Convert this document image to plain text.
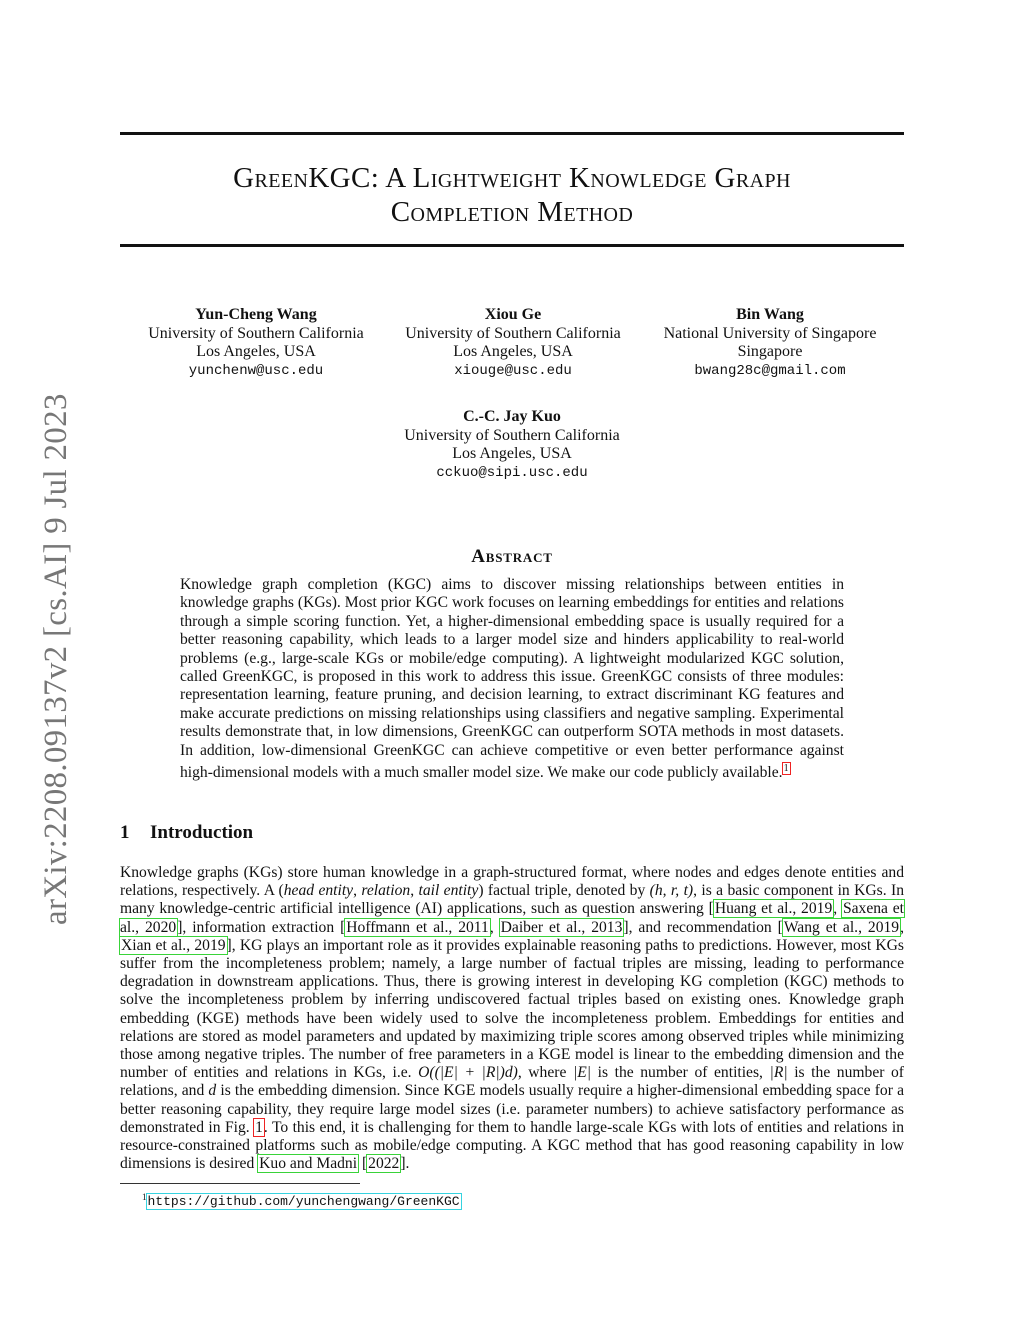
arXiv:2208.09137v2 [cs.AI] 9 Jul 2023
GreenKGC: A Lightweight Knowledge Graph
Completion Method
Yun-Cheng Wang
University of Southern California
Los Angeles, USA
yunchenw@usc.edu
Xiou Ge
University of Southern California
Los Angeles, USA
xiouge@usc.edu
Bin Wang
National University of Singapore
Singapore
bwang28c@gmail.com
C.-C. Jay Kuo
University of Southern California
Los Angeles, USA
cckuo@sipi.usc.edu
Abstract
Knowledge graph completion (KGC) aims to discover missing relationships between entities in knowledge graphs (KGs). Most prior KGC work focuses on learning embeddings for entities and relations through a simple scoring function. Yet, a higher-dimensional embedding space is usually required for a better reasoning capability, which leads to a larger model size and hinders applicability to real-world problems (e.g., large-scale KGs or mobile/edge computing). A lightweight modularized KGC solution, called GreenKGC, is proposed in this work to address this issue. GreenKGC consists of three modules: representation learning, feature pruning, and decision learning, to extract discriminant KG features and make accurate predictions on missing relationships using classifiers and negative sampling. Experimental results demonstrate that, in low dimensions, GreenKGC can outperform SOTA methods in most datasets. In addition, low-dimensional GreenKGC can achieve competitive or even better performance against high-dimensional models with a much smaller model size. We make our code publicly available.$^1$
1 Introduction
Knowledge graphs (KGs) store human knowledge in a graph-structured format, where nodes and edges denote entities and relations, respectively. A (head entity, relation, tail entity) factual triple, denoted by (h, r, t), is a basic component in KGs. In many knowledge-centric artificial intelligence (AI) applications, such as question answering [Huang et al., 2019, Saxena et al., 2020], information extraction [Hoffmann et al., 2011, Daiber et al., 2013], and recommendation [Wang et al., 2019, Xian et al., 2019], KG plays an important role as it provides explainable reasoning paths to predictions. However, most KGs suffer from the incompleteness problem; namely, a large number of factual triples are missing, leading to performance degradation in downstream applications. Thus, there is growing interest in developing KG completion (KGC) methods to solve the incompleteness problem by inferring undiscovered factual triples based on existing ones. Knowledge graph embedding (KGE) methods have been widely used to solve the incompleteness problem. Embeddings for entities and relations are stored as model parameters and updated by maximizing triple scores among observed triples while minimizing those among negative triples. The number of free parameters in a KGE model is linear to the embedding dimension and the number of entities and relations in KGs, i.e. O((|E| + |R|)d), where |E| is the number of entities, |R| is the number of relations, and d is the embedding dimension. Since KGE models usually require a higher-dimensional embedding space for a better reasoning capability, they require large model sizes (i.e. parameter numbers) to achieve satisfactory performance as demonstrated in Fig. 1. To this end, it is challenging for them to handle large-scale KGs with lots of entities and relations in resource-constrained platforms such as mobile/edge computing. A KGC method that has good reasoning capability in low dimensions is desired Kuo and Madni [2022].
$^1$https://github.com/yunchengwang/GreenKGC
